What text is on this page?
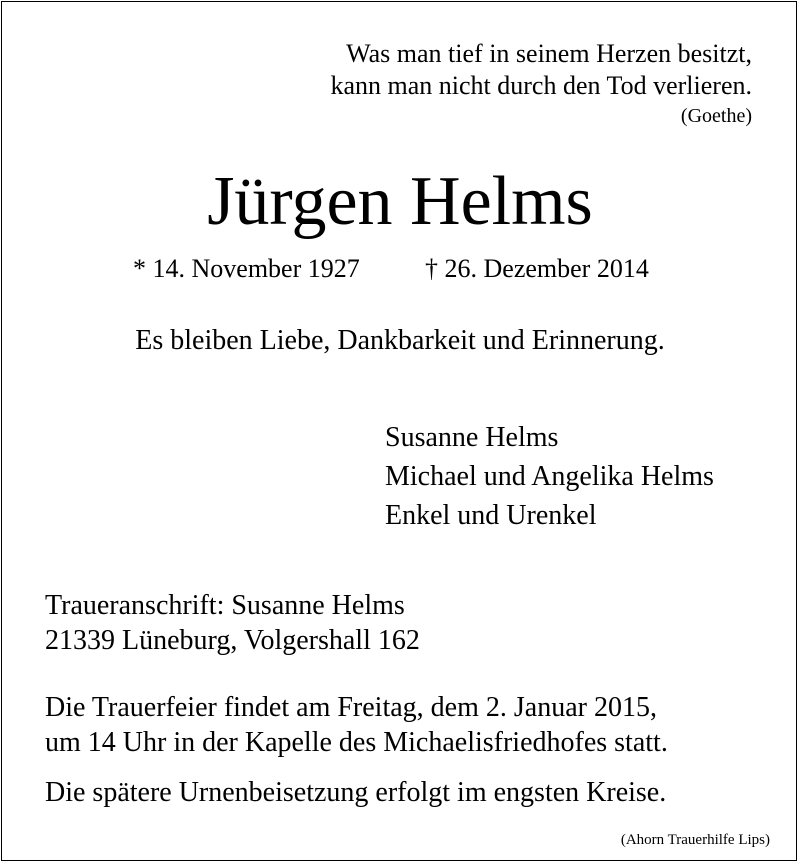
Was man tief in seinem Herzen besitzt,
kann man nicht durch den Tod verlieren.
(Goethe)
Jürgen Helms
* 14. November 1927	† 26. Dezember 2014
Es bleiben Liebe, Dankbarkeit und Erinnerung.
Susanne Helms
Michael und Angelika Helms
Enkel und Urenkel
Traueranschrift: Susanne Helms
21339 Lüneburg, Volgershall 162
Die Trauerfeier findet am Freitag, dem 2. Januar 2015,
um 14 Uhr in der Kapelle des Michaelisfriedhofes statt.
Die spätere Urnenbeisetzung erfolgt im engsten Kreise.
(Ahorn Trauerhilfe Lips)
